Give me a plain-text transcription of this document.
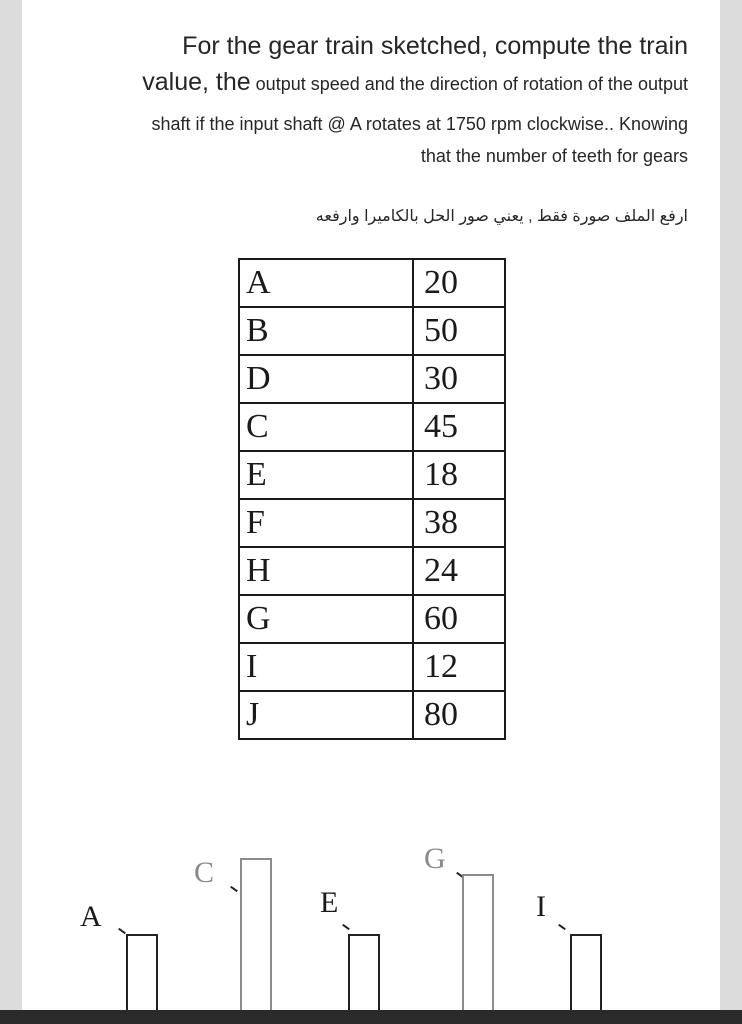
For the gear train sketched, compute the train
value, the output speed and the direction of rotation of the output
shaft if the input shaft @ A rotates at 1750 rpm clockwise.. Knowing
that the number of teeth for gears
ارفع الملف صورة فقط , يعني صور الحل بالكاميرا وارفعه
A	20
B	50
D	30
C	45
E	18
F	38
H	24
G	60
I	12
J	80
A
C
E
G
I
